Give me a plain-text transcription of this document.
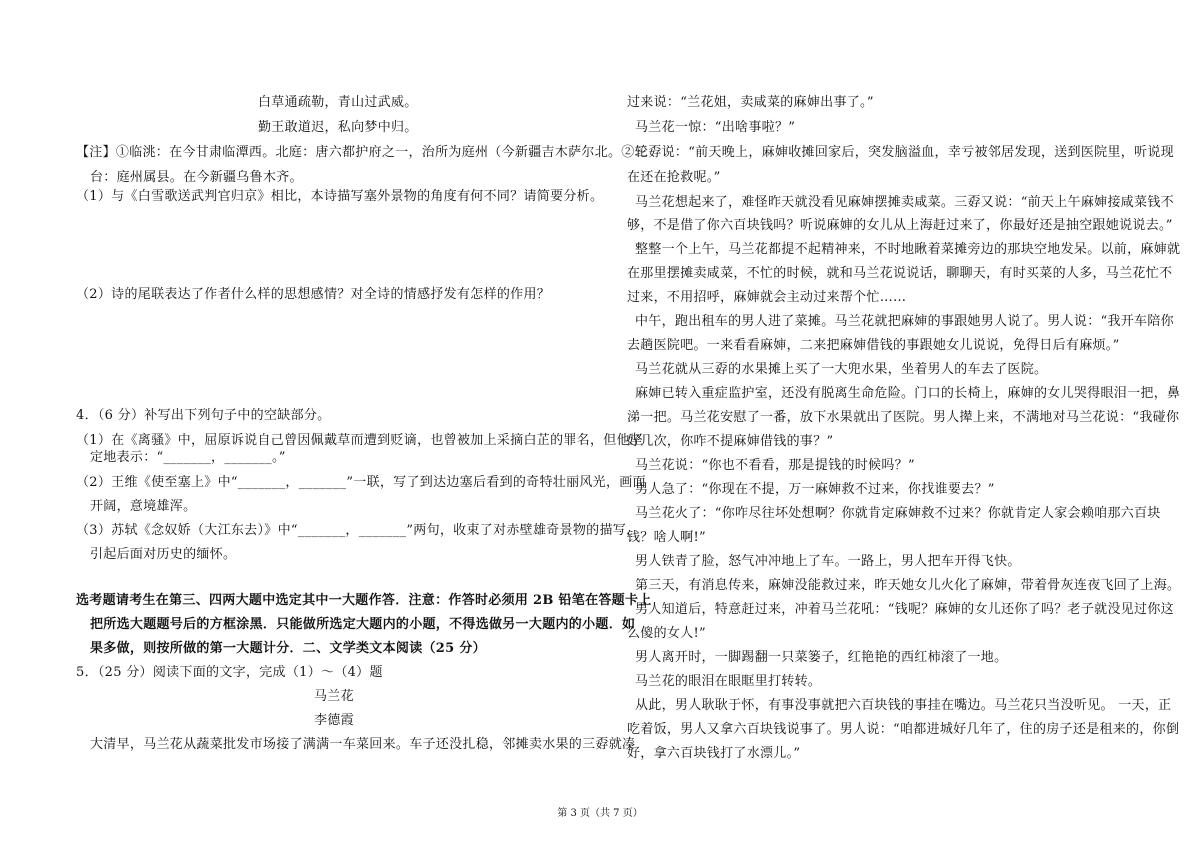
白草通疏勒，青山过武威。
勤王敢道迟，私向梦中归。
【注】①临洮：在今甘肃临潭西。北庭：唐六都护府之一，治所为庭州（今新疆吉木萨尔北。②轮
台：庭州属县。在今新疆乌鲁木齐。
（1）与《白雪歌送武判官归京》相比，本诗描写塞外景物的角度有何不同？请简要分析。
（2）诗的尾联表达了作者什么样的思想感情？对全诗的情感抒发有怎样的作用？
4．（6 分）补写出下列句子中的空缺部分。
（1）在《离骚》中，屈原诉说自己曾因佩戴草而遭到贬谪，也曾被加上采摘白芷的罪名，但他坚
定地表示：“_______，_______。”
（2）王维《使至塞上》中“_______，_______”一联，写了到达边塞后看到的奇特壮丽风光，画面
开阔，意境雄浑。
（3）苏轼《念奴娇（大江东去）》中“_______，_______”两句，收束了对赤壁雄奇景物的描写，
引起后面对历史的缅怀。
选考题请考生在第三、四两大题中选定其中一大题作答．注意：作答时必须用 2B 铅笔在答题卡上
把所选大题题号后的方框涂黑．只能做所选定大题内的小题，不得选做另一大题内的小题．如
果多做，则按所做的第一大题计分．二、文学类文本阅读（25 分）
5．（25 分）阅读下面的文字，完成（1）～（4）题
马兰花
李德霞
大清早，马兰花从蔬菜批发市场接了满满一车菜回来。车子还没扎稳，邻摊卖水果的三孬就凑
过来说：“兰花姐，卖咸菜的麻婶出事了。”
马兰花一惊：“出啥事啦？”
三孬说：“前天晚上，麻婶收摊回家后，突发脑溢血，幸亏被邻居发现，送到医院里，听说现
在还在抢救呢。”
马兰花想起来了，难怪昨天就没看见麻婶摆摊卖咸菜。三孬又说：“前天上午麻婶接咸菜钱不
够，不是借了你六百块钱吗？听说麻婶的女儿从上海赶过来了，你最好还是抽空跟她说说去。”
整整一个上午，马兰花都提不起精神来，不时地瞅着菜摊旁边的那块空地发呆。以前，麻婶就
在那里摆摊卖咸菜，不忙的时候，就和马兰花说说话，聊聊天，有时买菜的人多，马兰花忙不
过来，不用招呼，麻婶就会主动过来帮个忙……
中午，跑出租车的男人进了菜摊。马兰花就把麻婶的事跟她男人说了。男人说：“我开车陪你
去趟医院吧。一来看看麻婶，二来把麻婶借钱的事跟她女儿说说，免得日后有麻烦。”
马兰花就从三孬的水果摊上买了一大兜水果，坐着男人的车去了医院。
麻婶已转入重症监护室，还没有脱离生命危险。门口的长椅上，麻婶的女儿哭得眼泪一把，鼻
涕一把。马兰花安慰了一番，放下水果就出了医院。男人撵上来，不满地对马兰花说：“我碰你
好几次，你咋不提麻婶借钱的事？”
马兰花说：“你也不看看，那是提钱的时候吗？”
男人急了：“你现在不提，万一麻婶救不过来，你找谁要去？”
马兰花火了：“你咋尽往坏处想啊？你就肯定麻婶救不过来？你就肯定人家会赖咱那六百块
钱？啥人啊!”
男人铁青了脸，怒气冲冲地上了车。一路上，男人把车开得飞快。
第三天，有消息传来，麻婶没能救过来，昨天她女儿火化了麻婶，带着骨灰连夜飞回了上海。
男人知道后，特意赶过来，冲着马兰花吼：“钱呢？麻婶的女儿还你了吗？老子就没见过你这
么傻的女人!”
男人离开时，一脚踢翻一只菜篓子，红艳艳的西红柿滚了一地。
马兰花的眼泪在眼眶里打转转。
从此，男人耿耿于怀，有事没事就把六百块钱的事挂在嘴边。马兰花只当没听见。 一天，正
吃着饭，男人又拿六百块钱说事了。男人说：“咱都进城好几年了，住的房子还是租来的，你倒
好，拿六百块钱打了水漂儿。”
第 3 页（共 7 页）
